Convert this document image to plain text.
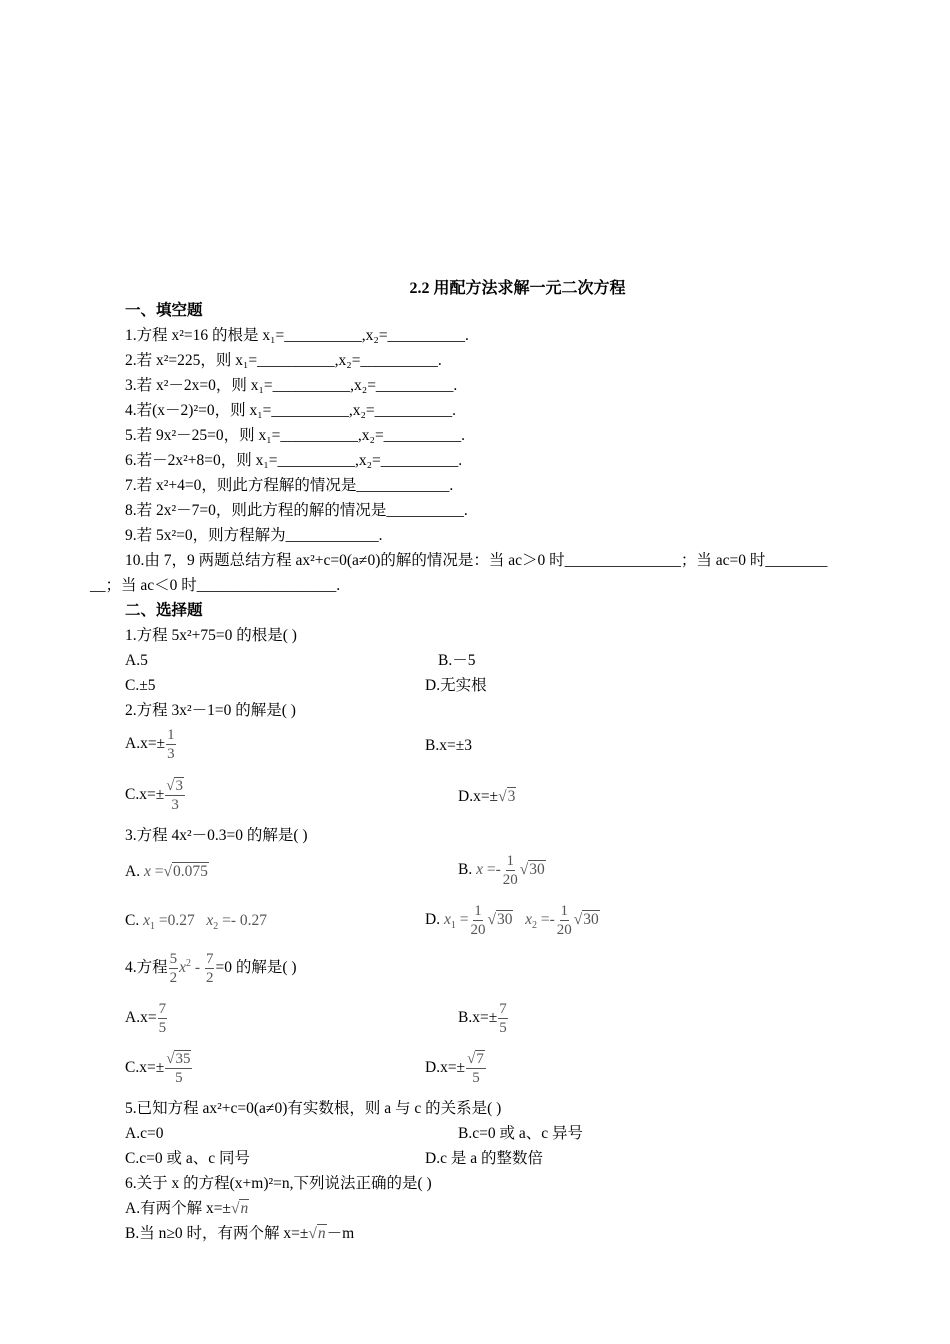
2.2 用配方法求解一元二次方程
一、填空题
1.方程 x²=16 的根是 x₁=__________,x₂=__________.
2.若 x²=225，则 x₁=__________,x₂=__________.
3.若 x²－2x=0，则 x₁=__________,x₂=__________.
4.若(x－2)²=0，则 x₁=__________,x₂=__________.
5.若 9x²－25=0，则 x₁=__________,x₂=__________.
6.若－2x²+8=0，则 x₁=__________,x₂=__________.
7.若 x²+4=0，则此方程解的情况是____________.
8.若 2x²－7=0，则此方程的解的情况是__________.
9.若 5x²=0，则方程解为____________.
10.由 7，9 两题总结方程 ax²+c=0(a≠0)的解的情况是：当 ac＞0 时_______________；当 ac=0 时________
__；当 ac＜0 时__________________.
二、选择题
1.方程 5x²+75=0 的根是( )
A.5	B.－5
C.±5	D.无实根
2.方程 3x²－1=0 的解是( )
$A.x=\pm \frac{1}{3}$	B.x=±3
$C.x=\pm \frac{√3}{3}$	D.x=±√3
3.方程 4x²－0.3=0 的解是( )
A. x =√0.075	B. $x =- \frac{1}{20} √30$
C. $x_1 =0.27$ $x_2 =- 0.27$	D. $x_1 = \frac{1}{20} √30$ $x_2 =- \frac{1}{20} √30$
4.方程 $\frac{5}{2} x^2 - \frac{7}{2} =0$ 的解是( )
$A.x= \frac{7}{5}$	$B.x=\pm \frac{7}{5}$
$C.x=\pm \frac{√35}{5}$	$D.x=\pm \frac{√7}{5}$
5.已知方程 ax²+c=0(a≠0)有实数根，则 a 与 c 的关系是( )
A.c=0	B.c=0 或 a、c 异号
C.c=0 或 a、c 同号	D.c 是 a 的整数倍
6.关于 x 的方程(x+m)²=n,下列说法正确的是( )
A.有两个解 x=±√n
B.当 n≥0 时，有两个解 x=±√n－m
